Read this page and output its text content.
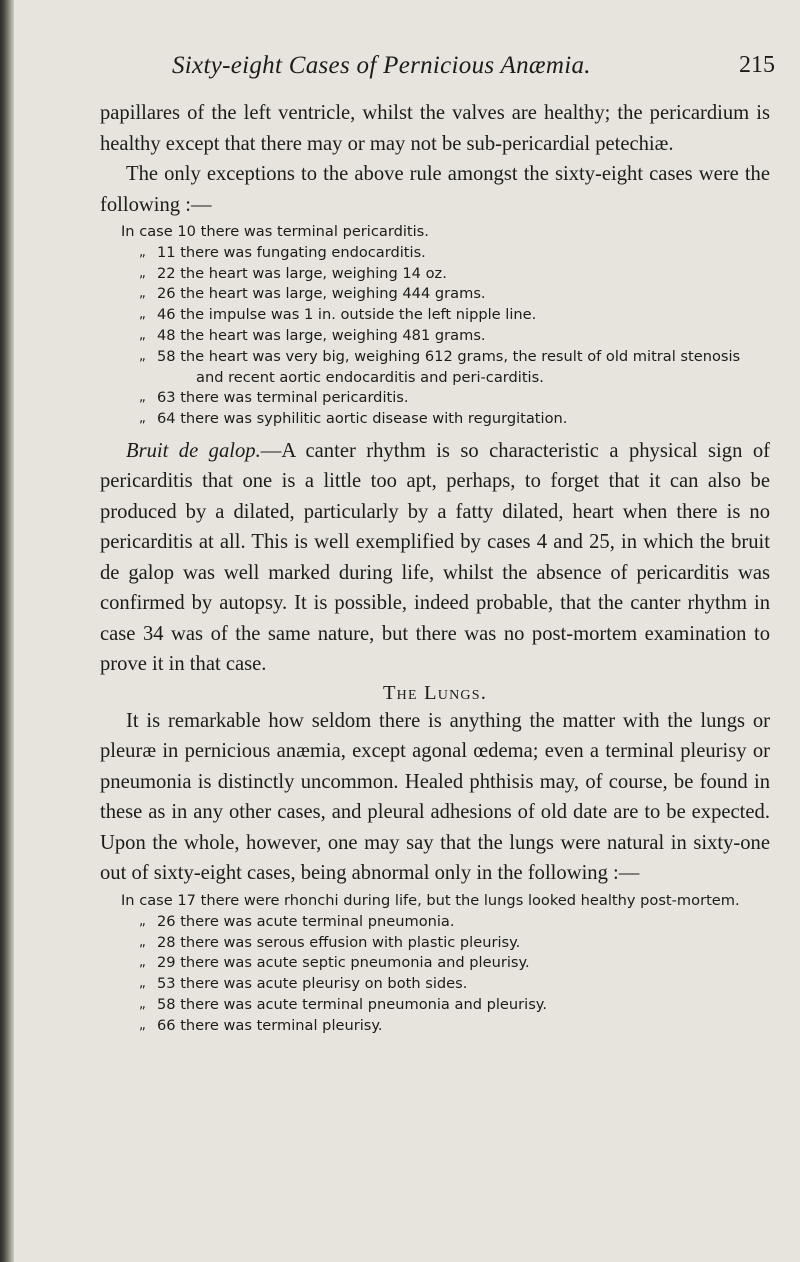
Sixty-eight Cases of Pernicious Anæmia.	215

papillares of the left ventricle, whilst the valves are healthy; the pericardium is healthy except that there may or may not be sub-pericardial petechiæ.

The only exceptions to the above rule amongst the sixty-eight cases were the following :—

In case 10 there was terminal pericarditis.
„ 11 there was fungating endocarditis.
„ 22 the heart was large, weighing 14 oz.
„ 26 the heart was large, weighing 444 grams.
„ 46 the impulse was 1 in. outside the left nipple line.
„ 48 the heart was large, weighing 481 grams.
„ 58 the heart was very big, weighing 612 grams, the result of old mitral stenosis and recent aortic endocarditis and peri-carditis.
„ 63 there was terminal pericarditis.
„ 64 there was syphilitic aortic disease with regurgitation.

Bruit de galop.—A canter rhythm is so characteristic a physical sign of pericarditis that one is a little too apt, perhaps, to forget that it can also be produced by a dilated, particularly by a fatty dilated, heart when there is no pericarditis at all. This is well exemplified by cases 4 and 25, in which the bruit de galop was well marked during life, whilst the absence of pericarditis was confirmed by autopsy. It is possible, indeed probable, that the canter rhythm in case 34 was of the same nature, but there was no post-mortem examination to prove it in that case.

The Lungs.

It is remarkable how seldom there is anything the matter with the lungs or pleuræ in pernicious anæmia, except agonal œdema; even a terminal pleurisy or pneumonia is distinctly uncommon. Healed phthisis may, of course, be found in these as in any other cases, and pleural adhesions of old date are to be expected. Upon the whole, however, one may say that the lungs were natural in sixty-one out of sixty-eight cases, being abnormal only in the following :—

In case 17 there were rhonchi during life, but the lungs looked healthy post-mortem.
„ 26 there was acute terminal pneumonia.
„ 28 there was serous effusion with plastic pleurisy.
„ 29 there was acute septic pneumonia and pleurisy.
„ 53 there was acute pleurisy on both sides.
„ 58 there was acute terminal pneumonia and pleurisy.
„ 66 there was terminal pleurisy.
